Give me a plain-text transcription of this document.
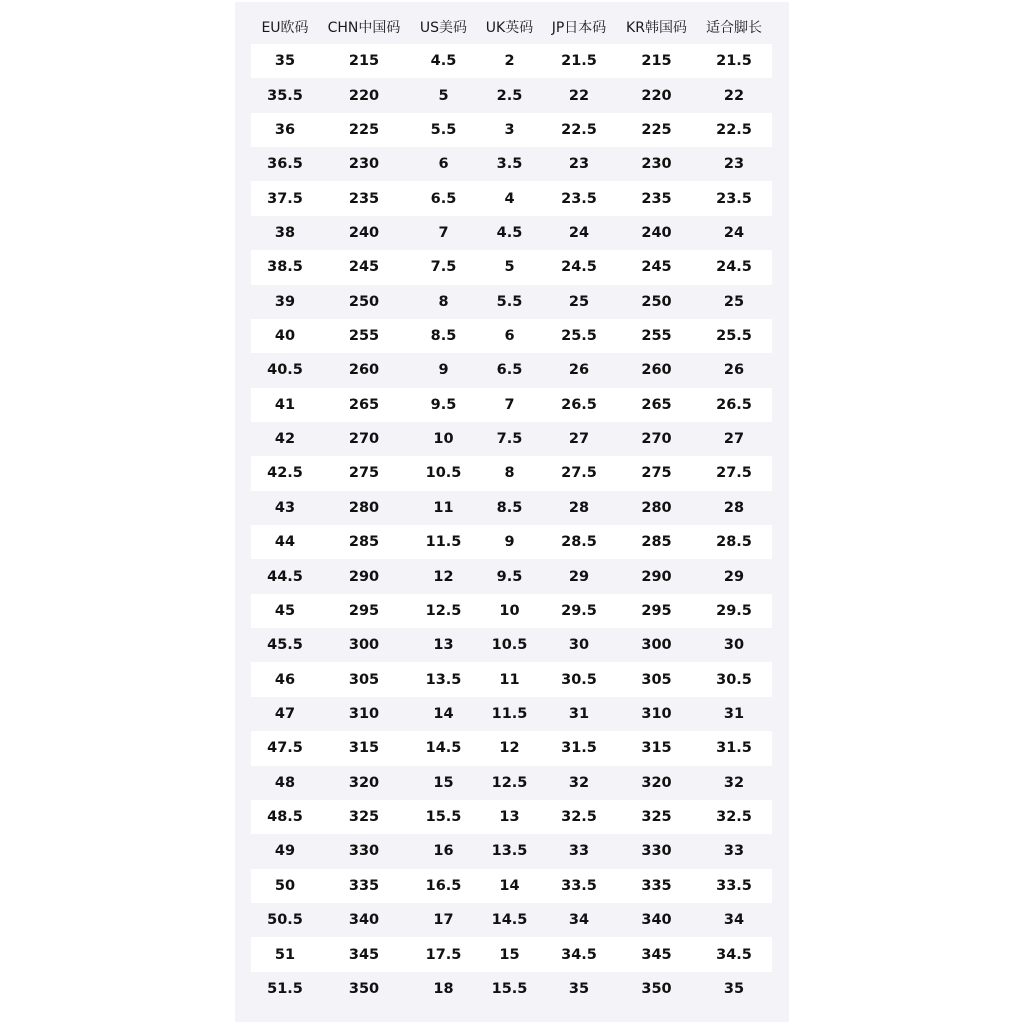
EU欧码	CHN中国码	US美码	UK英码	JP日本码	KR韩国码	适合脚长
35	215	4.5	2	21.5	215	21.5
35.5	220	5	2.5	22	220	22
36	225	5.5	3	22.5	225	22.5
36.5	230	6	3.5	23	230	23
37.5	235	6.5	4	23.5	235	23.5
38	240	7	4.5	24	240	24
38.5	245	7.5	5	24.5	245	24.5
39	250	8	5.5	25	250	25
40	255	8.5	6	25.5	255	25.5
40.5	260	9	6.5	26	260	26
41	265	9.5	7	26.5	265	26.5
42	270	10	7.5	27	270	27
42.5	275	10.5	8	27.5	275	27.5
43	280	11	8.5	28	280	28
44	285	11.5	9	28.5	285	28.5
44.5	290	12	9.5	29	290	29
45	295	12.5	10	29.5	295	29.5
45.5	300	13	10.5	30	300	30
46	305	13.5	11	30.5	305	30.5
47	310	14	11.5	31	310	31
47.5	315	14.5	12	31.5	315	31.5
48	320	15	12.5	32	320	32
48.5	325	15.5	13	32.5	325	32.5
49	330	16	13.5	33	330	33
50	335	16.5	14	33.5	335	33.5
50.5	340	17	14.5	34	340	34
51	345	17.5	15	34.5	345	34.5
51.5	350	18	15.5	35	350	35
